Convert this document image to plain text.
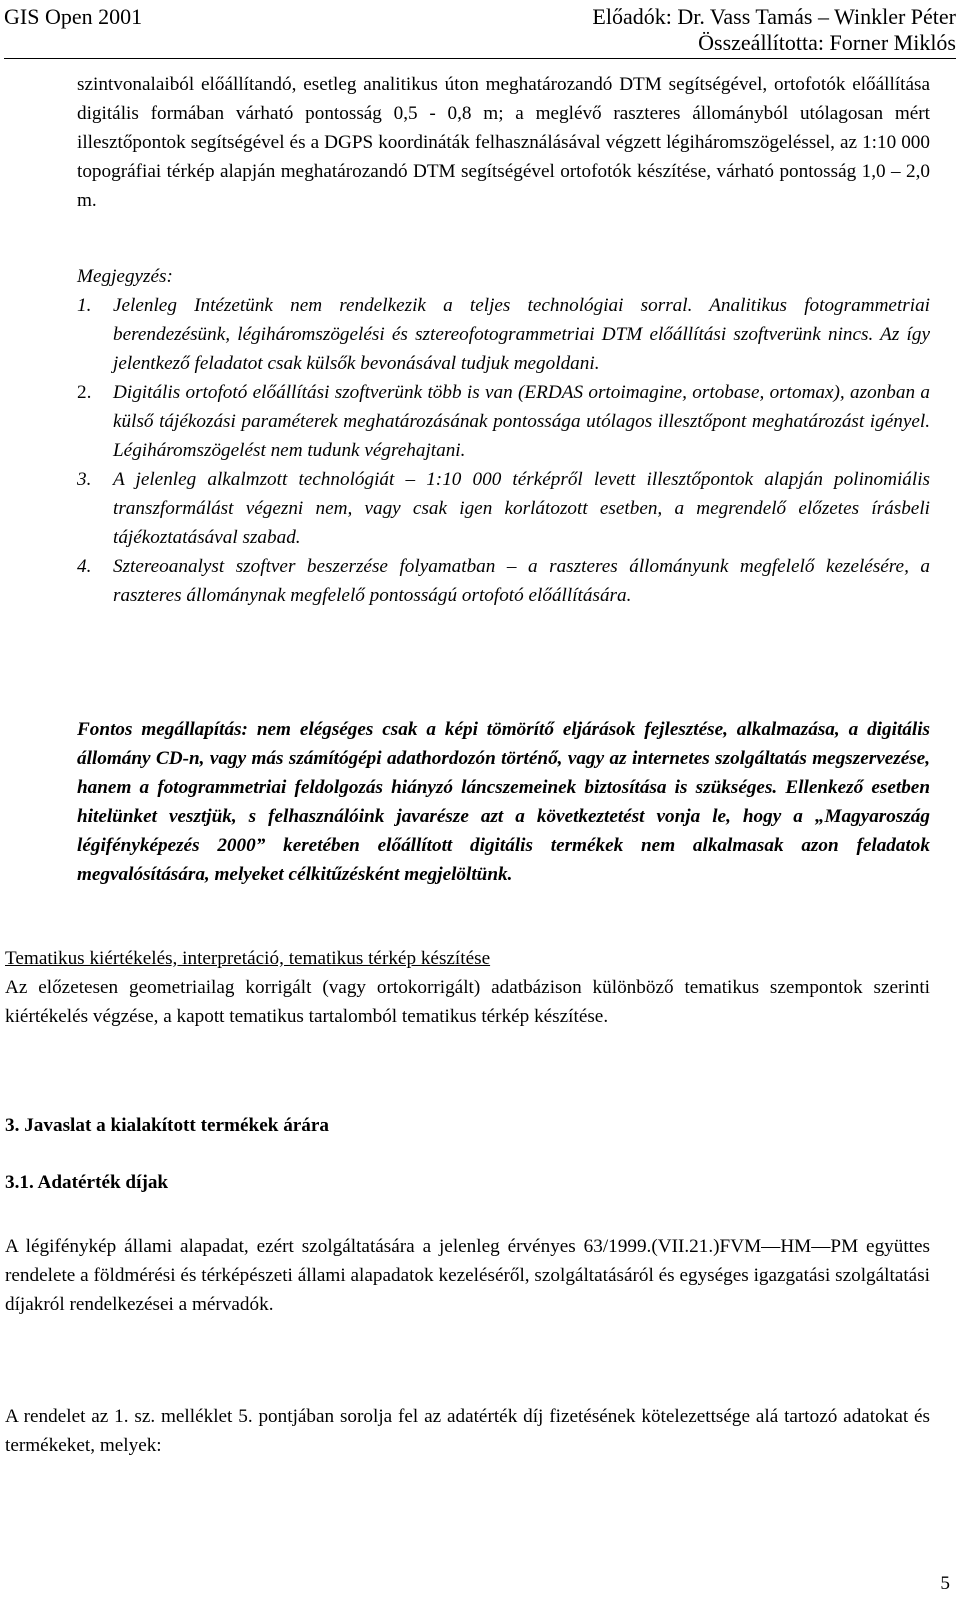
GIS Open 2001	Előadók: Dr. Vass Tamás – Winkler Péter
Összeállította: Forner Miklós

szintvonalaiból előállítandó, esetleg analitikus úton meghatározandó DTM segítségével, ortofotók előállítása digitális formában várható pontosság 0,5 - 0,8 m; a meglévő raszteres állományból utólagosan mért illesztőpontok segítségével és a DGPS koordináták felhasználásával végzett légiháromszögeléssel, az 1:10 000 topográfiai térkép alapján meghatározandó DTM segítségével ortofotók készítése, várható pontosság 1,0 – 2,0 m.

Megjegyzés:

1.	Jelenleg Intézetünk nem rendelkezik a teljes technológiai sorral. Analitikus fotogrammetriai berendezésünk, légiháromszögelési és sztereofotogrammetriai DTM előállítási szoftverünk nincs. Az így jelentkező feladatot csak külsők bevonásával tudjuk megoldani.
2.	Digitális ortofotó előállítási szoftverünk több is van (ERDAS ortoimagine, ortobase, ortomax), azonban a külső tájékozási paraméterek meghatározásának pontossága utólagos illesztőpont meghatározást igényel. Légiháromszögelést nem tudunk végrehajtani.
3.	A jelenleg alkalmzott technológiát – 1:10 000 térképről levett illesztőpontok alapján polinomiális transzformálást végezni nem, vagy csak igen korlátozott esetben, a megrendelő előzetes írásbeli tájékoztatásával szabad.
4.	Sztereoanalyst szoftver beszerzése folyamatban – a raszteres állományunk megfelelő kezelésére, a raszteres állománynak megfelelő pontosságú ortofotó előállítására.

Fontos megállapítás: nem elégséges csak a képi tömörítő eljárások fejlesztése, alkalmazása, a digitális állomány CD-n, vagy más számítógépi adathordozón történő, vagy az internetes szolgáltatás megszervezése, hanem a fotogrammetriai feldolgozás hiányzó láncszemeinek biztosítása is szükséges. Ellenkező esetben hitelünket vesztjük, s felhasználóink javarésze azt a következtetést vonja le, hogy a „Magyaroszág légifényképezés 2000” keretében előállított digitális termékek nem alkalmasak azon feladatok megvalósítására, melyeket célkitűzésként megjelöltünk.

Tematikus kiértékelés, interpretáció, tematikus térkép készítése

Az előzetesen geometriailag korrigált (vagy ortokorrigált) adatbázison különböző tematikus szempontok szerinti kiértékelés végzése, a kapott tematikus tartalomból tematikus térkép készítése.

3. Javaslat a kialakított termékek árára
3.1. Adatérték díjak

A légifénykép állami alapadat, ezért szolgáltatására a jelenleg érvényes 63/1999.(VII.21.)FVM—HM—PM együttes rendelete a földmérési és térképészeti állami alapadatok kezeléséről, szolgáltatásáról és egységes igazgatási szolgáltatási díjakról rendelkezései a mérvadók.

A rendelet az 1. sz. melléklet 5. pontjában sorolja fel az adatérték díj fizetésének kötelezettsége alá tartozó adatokat és termékeket, melyek:

5
